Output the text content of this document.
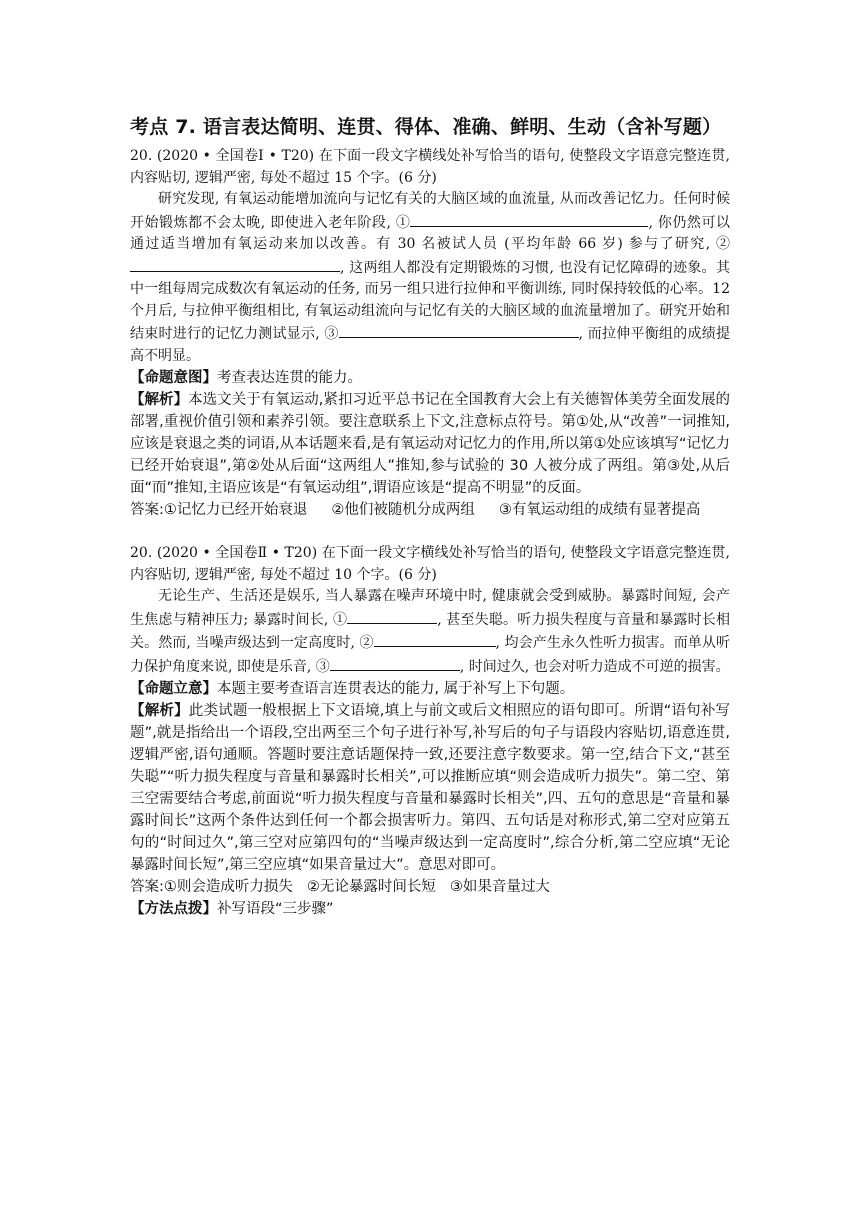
考点 7. 语言表达简明、连贯、得体、准确、鲜明、生动（含补写题）

20. (2020 • 全国卷Ⅰ • T20) 在下面一段文字横线处补写恰当的语句, 使整段文字语意完整连贯, 内容贴切, 逻辑严密, 每处不超过 15 个字。(6 分)

研究发现, 有氧运动能增加流向与记忆有关的大脑区域的血流量, 从而改善记忆力。任何时候开始锻炼都不会太晚, 即使进入老年阶段, ①	, 你仍然可以通过适当增加有氧运动来加以改善。有 30 名被试人员 (平均年龄 66 岁) 参与了研究, ②, 这两组人都没有定期锻炼的习惯, 也没有记忆障碍的迹象。其中一组每周完成数次有氧运动的任务, 而另一组只进行拉伸和平衡训练, 同时保持较低的心率。12 个月后, 与拉伸平衡组相比, 有氧运动组流向与记忆有关的大脑区域的血流量增加了。研究开始和结束时进行的记忆力测试显示, ③	, 而拉伸平衡组的成绩提高不明显。

【命题意图】考查表达连贯的能力。

【解析】本选文关于有氧运动,紧扣习近平总书记在全国教育大会上有关德智体美劳全面发展的部署,重视价值引领和素养引领。要注意联系上下文,注意标点符号。第①处,从“改善”一词推知,应该是衰退之类的词语,从本话题来看,是有氧运动对记忆力的作用,所以第①处应该填写“记忆力已经开始衰退”,第②处从后面“这两组人”推知,参与试验的 30 人被分成了两组。第③处,从后面“而”推知,主语应该是“有氧运动组”,谓语应该是“提高不明显”的反面。

答案:①记忆力已经开始衰退 ②他们被随机分成两组 ③有氧运动组的成绩有显著提高

20. (2020 • 全国卷Ⅱ • T20) 在下面一段文字横线处补写恰当的语句, 使整段文字语意完整连贯, 内容贴切, 逻辑严密, 每处不超过 10 个字。(6 分)

无论生产、生活还是娱乐, 当人暴露在噪声环境中时, 健康就会受到威胁。暴露时间短, 会产生焦虑与精神压力; 暴露时间长, ①	, 甚至失聪。听力损失程度与音量和暴露时长相关。然而, 当噪声级达到一定高度时, ②	, 均会产生永久性听力损害。而单从听力保护角度来说, 即使是乐音, ③	, 时间过久, 也会对听力造成不可逆的损害。

【命题立意】本题主要考查语言连贯表达的能力, 属于补写上下句题。

【解析】此类试题一般根据上下文语境,填上与前文或后文相照应的语句即可。所谓“语句补写题”,就是指给出一个语段,空出两至三个句子进行补写,补写后的句子与语段内容贴切,语意连贯,逻辑严密,语句通顺。答题时要注意话题保持一致,还要注意字数要求。第一空,结合下文,“甚至失聪”“听力损失程度与音量和暴露时长相关”,可以推断应填“则会造成听力损失”。第二空、第三空需要结合考虑,前面说“听力损失程度与音量和暴露时长相关”,四、五句的意思是“音量和暴露时间长”这两个条件达到任何一个都会损害听力。第四、五句话是对称形式,第二空对应第五句的“时间过久”,第三空对应第四句的“当噪声级达到一定高度时”,综合分析,第二空应填“无论暴露时间长短”,第三空应填“如果音量过大”。意思对即可。

答案:①则会造成听力损失 ②无论暴露时间长短 ③如果音量过大

【方法点拨】补写语段“三步骤”
